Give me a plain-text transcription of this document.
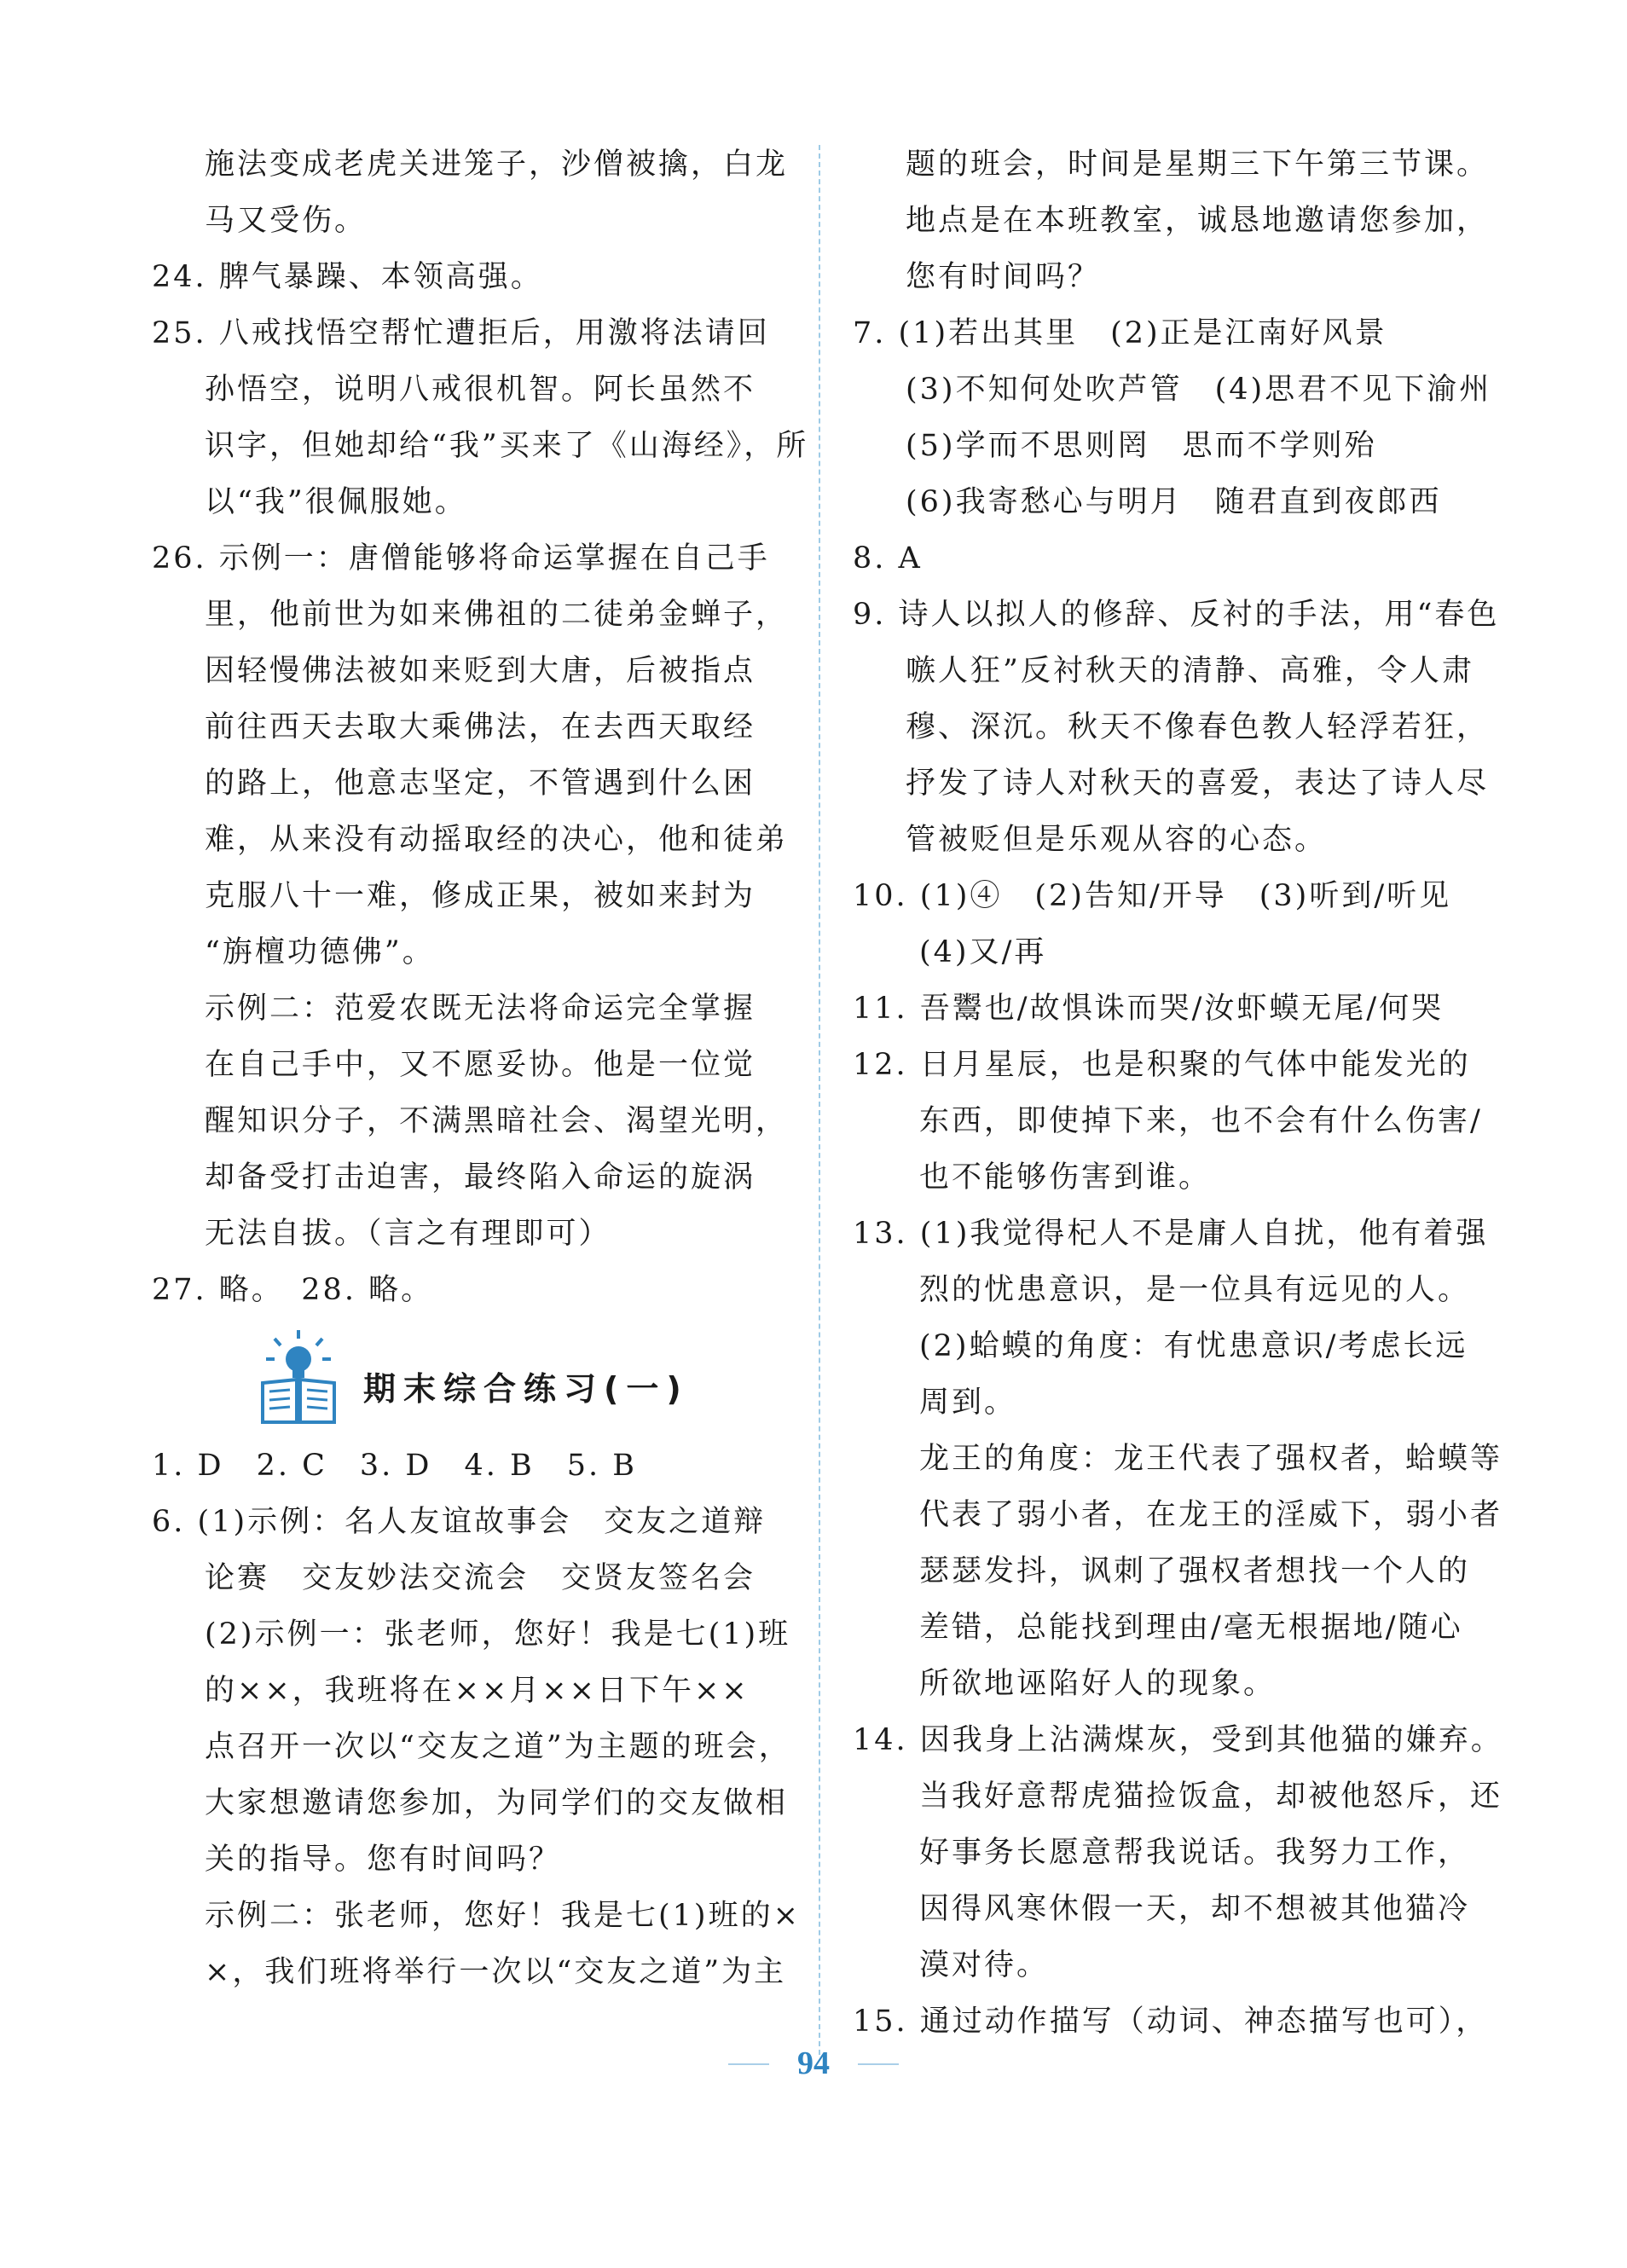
施法变成老虎关进笼子，沙僧被擒，白龙
马又受伤。
24. 脾气暴躁、本领高强。
25. 八戒找悟空帮忙遭拒后，用激将法请回
孙悟空，说明八戒很机智。阿长虽然不
识字，但她却给“我”买来了《山海经》，所
以“我”很佩服她。
26. 示例一：唐僧能够将命运掌握在自己手
里，他前世为如来佛祖的二徒弟金蝉子，
因轻慢佛法被如来贬到大唐，后被指点
前往西天去取大乘佛法，在去西天取经
的路上，他意志坚定，不管遇到什么困
难，从来没有动摇取经的决心，他和徒弟
克服八十一难，修成正果，被如来封为
“旃檀功德佛”。
示例二：范爱农既无法将命运完全掌握
在自己手中，又不愿妥协。他是一位觉
醒知识分子，不满黑暗社会、渴望光明，
却备受打击迫害，最终陷入命运的旋涡
无法自拔。（言之有理即可）
27. 略。　28. 略。
期末综合练习(一)
1. D　2. C　3. D　4. B　5. B
6. (1)示例：名人友谊故事会　交友之道辩
论赛　交友妙法交流会　交贤友签名会
(2)示例一：张老师，您好！我是七(1)班
的××，我班将在××月××日下午××
点召开一次以“交友之道”为主题的班会，
大家想邀请您参加，为同学们的交友做相
关的指导。您有时间吗？
示例二：张老师，您好！我是七(1)班的×
×，我们班将举行一次以“交友之道”为主
题的班会，时间是星期三下午第三节课。
地点是在本班教室，诚恳地邀请您参加，
您有时间吗？
7. (1)若出其里　(2)正是江南好风景
(3)不知何处吹芦管　(4)思君不见下渝州
(5)学而不思则罔　思而不学则殆
(6)我寄愁心与明月　随君直到夜郎西
8. A
9. 诗人以拟人的修辞、反衬的手法，用“春色
嗾人狂”反衬秋天的清静、高雅，令人肃
穆、深沉。秋天不像春色教人轻浮若狂，
抒发了诗人对秋天的喜爱，表达了诗人尽
管被贬但是乐观从容的心态。
10. (1)④　(2)告知/开导　(3)听到/听见
(4)又/再
11. 吾鬻也/故惧诛而哭/汝虾蟆无尾/何哭
12. 日月星辰，也是积聚的气体中能发光的
东西，即使掉下来，也不会有什么伤害/
也不能够伤害到谁。
13. (1)我觉得杞人不是庸人自扰，他有着强
烈的忧患意识，是一位具有远见的人。
(2)蛤蟆的角度：有忧患意识/考虑长远
周到。
龙王的角度：龙王代表了强权者，蛤蟆等
代表了弱小者，在龙王的淫威下，弱小者
瑟瑟发抖，讽刺了强权者想找一个人的
差错，总能找到理由/毫无根据地/随心
所欲地诬陷好人的现象。
14. 因我身上沾满煤灰，受到其他猫的嫌弃。
当我好意帮虎猫捡饭盒，却被他怒斥，还
好事务长愿意帮我说话。我努力工作，
因得风寒休假一天，却不想被其他猫冷
漠对待。
15. 通过动作描写（动词、神态描写也可），
94
